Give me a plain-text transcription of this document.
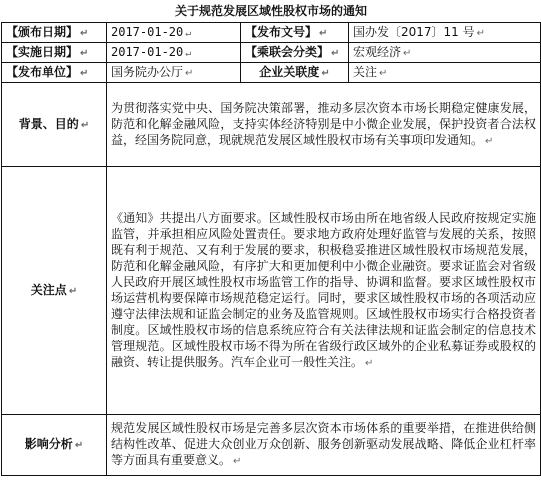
关于规范发展区域性股权市场的通知			
【颁布日期】 ↵	2017-01-20 ↵	【发布文号】 ↵	国办发〔2017〕11 号 ↵
【实施日期】 ↵	2017-01-20 ↵	【乘联会分类】 ↵	宏观经济 ↵
【发布单位】 ↵	国务院办公厅 ↵	企业关联度 ↵	关注 ↵
背景、目的 ↵	为贯彻落实党中央、国务院决策部署，推动多层次资本市场长期稳定健康发展，防范和化解金融风险，支持实体经济特别是中小微企业发展，保护投资者合法权益，经国务院同意，现就规范发展区域性股权市场有关事项印发通知。 ↵		
关注点 ↵	《通知》共提出八方面要求。区域性股权市场由所在地省级人民政府按规定实施监管，并承担相应风险处置责任。要求地方政府处理好监管与发展的关系，按照既有利于规范、又有利于发展的要求，积极稳妥推进区域性股权市场规范发展，防范和化解金融风险，有序扩大和更加便利中小微企业融资。要求证监会对省级人民政府开展区域性股权市场监管工作的指导、协调和监督。要求区域性股权市场运营机构要保障市场规范稳定运行。同时，要求区域性股权市场的各项活动应遵守法律法规和证监会制定的业务及监管规则。区域性股权市场实行合格投资者制度。区域性股权市场的信息系统应符合有关法律法规和证监会制定的信息技术管理规范。区域性股权市场不得为所在省级行政区域外的企业私募证券或股权的融资、转让提供服务。汽车企业可一般性关注。 ↵		
影响分析 ↵	规范发展区域性股权市场是完善多层次资本市场体系的重要举措，在推进供给侧结构性改革、促进大众创业万众创新、服务创新驱动发展战略、降低企业杠杆率等方面具有重要意义。 ↵		
